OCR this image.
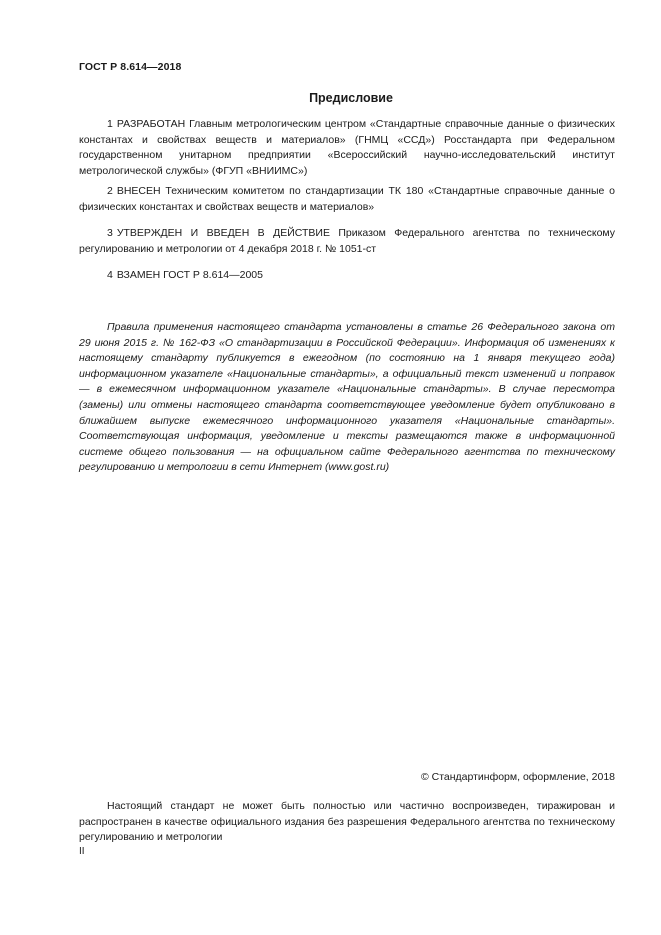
ГОСТ Р 8.614—2018
Предисловие

1 РАЗРАБОТАН Главным метрологическим центром «Стандартные справочные данные о физических константах и свойствах веществ и материалов» (ГНМЦ «ССД») Росстандарта при Федеральном государственном унитарном предприятии «Всероссийский научно-исследовательский институт метрологической службы» (ФГУП «ВНИИМС»)

2 ВНЕСЕН Техническим комитетом по стандартизации ТК 180 «Стандартные справочные данные о физических константах и свойствах веществ и материалов»

3 УТВЕРЖДЕН И ВВЕДЕН В ДЕЙСТВИЕ Приказом Федерального агентства по техническому регулированию и метрологии от 4 декабря 2018 г. № 1051-ст

4 ВЗАМЕН ГОСТ Р 8.614—2005

Правила применения настоящего стандарта установлены в статье 26 Федерального закона от 29 июня 2015 г. № 162-ФЗ «О стандартизации в Российской Федерации». Информация об изменениях к настоящему стандарту публикуется в ежегодном (по состоянию на 1 января текущего года) информационном указателе «Национальные стандарты», а официальный текст изменений и поправок — в ежемесячном информационном указателе «Национальные стандарты». В случае пересмотра (замены) или отмены настоящего стандарта соответствующее уведомление будет опубликовано в ближайшем выпуске ежемесячного информационного указателя «Национальные стандарты». Соответствующая информация, уведомление и тексты размещаются также в информационной системе общего пользования — на официальном сайте Федерального агентства по техническому регулированию и метрологии в сети Интернет (www.gost.ru)

© Стандартинформ, оформление, 2018

Настоящий стандарт не может быть полностью или частично воспроизведен, тиражирован и распространен в качестве официального издания без разрешения Федерального агентства по техническому регулированию и метрологии

II
